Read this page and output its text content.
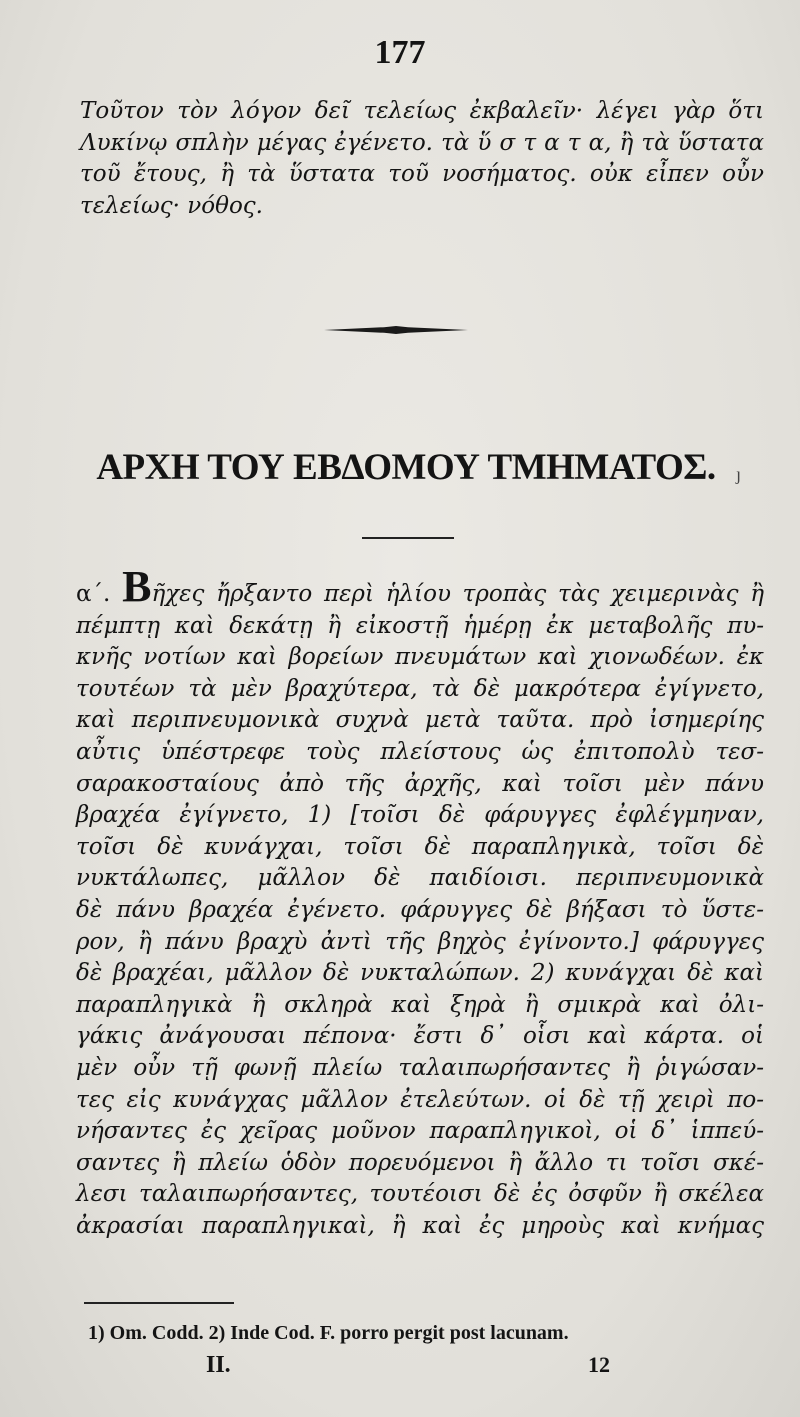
177
Τοῦτον τὸν λόγον δεῖ τελείως ἐκβαλεῖν· λέγει γὰρ ὅτι
Λυκίνῳ σπλὴν μέγας ἐγένετο. τὰ ὕ σ τ α τ α, ἢ τὰ ὕστατα
τοῦ ἔτους, ἢ τὰ ὕστατα τοῦ νοσήματος. οὐκ εἶπεν οὖν
τελείως· νόθος.
ΑΡΧΗ ΤΟΥ ΕΒΔΟΜΟΥ ΤΜΗΜΑΤΟΣ.	ȷ
α΄. Βῆχες ἤρξαντο περὶ ἡλίου τροπὰς τὰς χειμερινὰς ἢ
πέμπτῃ καὶ δεκάτῃ ἢ εἰκοστῇ ἡμέρῃ ἐκ μεταβολῆς πυ-
κνῆς νοτίων καὶ βορείων πνευμάτων καὶ χιονωδέων. ἐκ
τουτέων τὰ μὲν βραχύτερα, τὰ δὲ μακρότερα ἐγίγνετο,
καὶ περιπνευμονικὰ συχνὰ μετὰ ταῦτα. πρὸ ἰσημερίης
αὖτις ὑπέστρεφε τοὺς πλείστους ὡς ἐπιτοπολὺ τεσ-
σαρακοσταίους ἀπὸ τῆς ἀρχῆς, καὶ τοῖσι μὲν πάνυ
βραχέα ἐγίγνετο, 1) [τοῖσι δὲ φάρυγγες ἐφλέγμηναν,
τοῖσι δὲ κυνάγχαι, τοῖσι δὲ παραπληγικὰ, τοῖσι δὲ
νυκτάλωπες, μᾶλλον δὲ παιδίοισι. περιπνευμονικὰ
δὲ πάνυ βραχέα ἐγένετο. φάρυγγες δὲ βήξασι τὸ ὕστε-
ρον, ἢ πάνυ βραχὺ ἀντὶ τῆς βηχὸς ἐγίνοντο.] φάρυγγες
δὲ βραχέαι, μᾶλλον δὲ νυκταλώπων. 2) κυνάγχαι δὲ καὶ
παραπληγικὰ ἢ σκληρὰ καὶ ξηρὰ ἢ σμικρὰ καὶ ὀλι-
γάκις ἀνάγουσαι πέπονα· ἔστι δ᾽ οἷσι καὶ κάρτα. οἱ
μὲν οὖν τῇ φωνῇ πλείω ταλαιπωρήσαντες ἢ ῥιγώσαν-
τες εἰς κυνάγχας μᾶλλον ἐτελεύτων. οἱ δὲ τῇ χειρὶ πο-
νήσαντες ἐς χεῖρας μοῦνον παραπληγικοὶ, οἱ δ᾽ ἱππεύ-
σαντες ἢ πλείω ὁδὸν πορευόμενοι ἢ ἄλλο τι τοῖσι σκέ-
λεσι ταλαιπωρήσαντες, τουτέοισι δὲ ἐς ὀσφῦν ἢ σκέλεα
ἀκρασίαι παραπληγικαὶ, ἢ καὶ ἐς μηροὺς καὶ κνήμας
1) Om. Codd. 2) Inde Cod. F. porro pergit post lacunam.
II.	12
